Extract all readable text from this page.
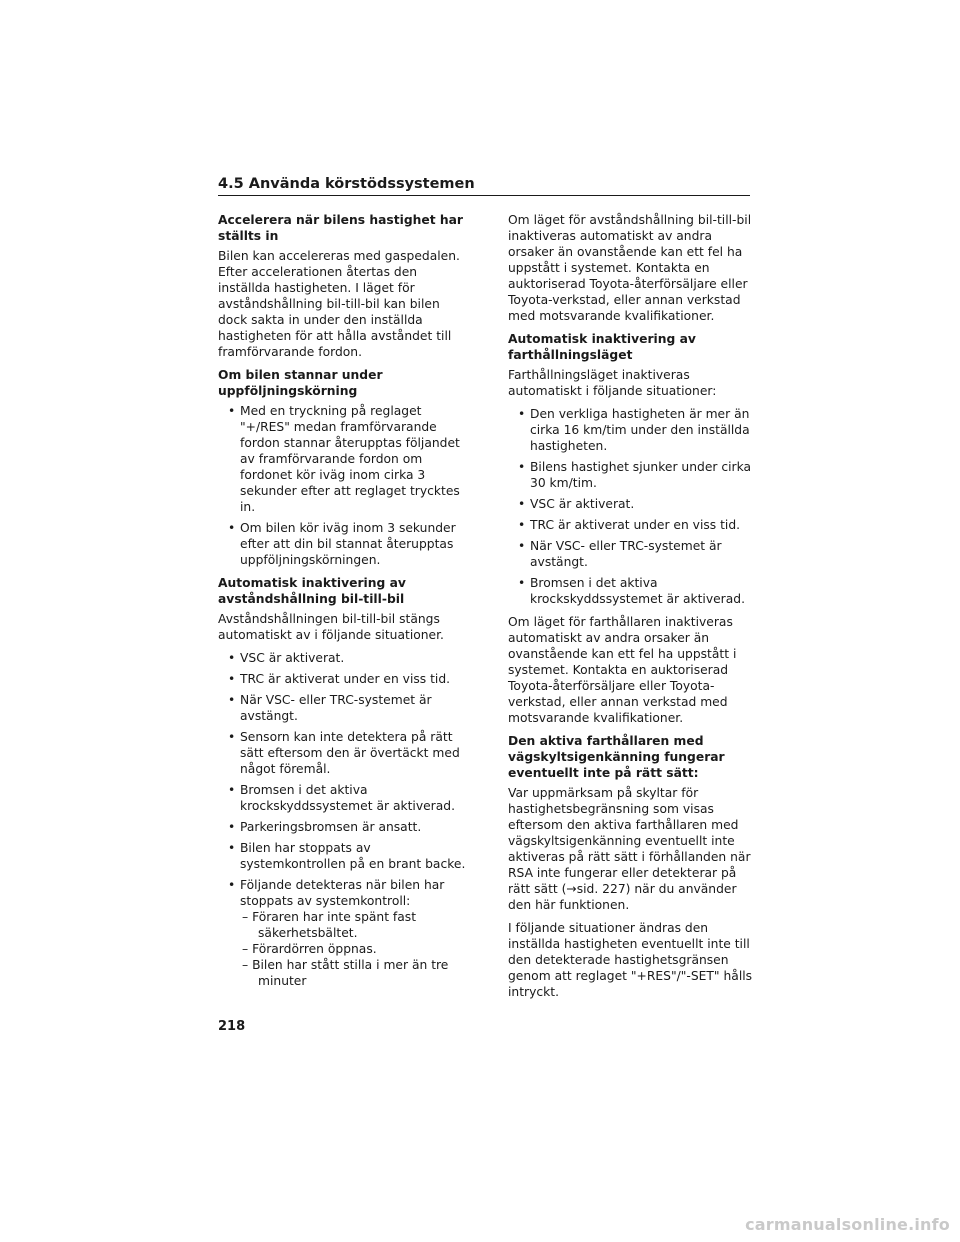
4.5 Använda körstödssystemen
Accelerera när bilens hastighet har ställts in
Bilen kan accelereras med gaspedalen. Efter accelerationen återtas den inställda hastigheten. I läget för avståndshållning bil-till-bil kan bilen dock sakta in under den inställda hastigheten för att hålla avståndet till framförvarande fordon.
Om bilen stannar under uppföljningskörning
• Med en tryckning på reglaget "+/RES" medan framförvarande fordon stannar återupptas följandet av framförvarande fordon om fordonet kör iväg inom cirka 3 sekunder efter att reglaget trycktes in.
• Om bilen kör iväg inom 3 sekunder efter att din bil stannat återupptas uppföljningskörningen.
Automatisk inaktivering av avståndshållning bil-till-bil
Avståndshållningen bil-till-bil stängs automatiskt av i följande situationer.
• VSC är aktiverat.
• TRC är aktiverat under en viss tid.
• När VSC- eller TRC-systemet är avstängt.
• Sensorn kan inte detektera på rätt sätt eftersom den är övertäckt med något föremål.
• Bromsen i det aktiva krockskyddssystemet är aktiverad.
• Parkeringsbromsen är ansatt.
• Bilen har stoppats av systemkontrollen på en brant backe.
• Följande detekteras när bilen har stoppats av systemkontroll:
– Föraren har inte spänt fast säkerhetsbältet.
– Förardörren öppnas.
– Bilen har stått stilla i mer än tre minuter
Om läget för avståndshållning bil-till-bil inaktiveras automatiskt av andra orsaker än ovanstående kan ett fel ha uppstått i systemet. Kontakta en auktoriserad Toyota-återförsäljare eller Toyota-verkstad, eller annan verkstad med motsvarande kvalifikationer.
Automatisk inaktivering av farthållningsläget
Farthållningsläget inaktiveras automatiskt i följande situationer:
• Den verkliga hastigheten är mer än cirka 16 km/tim under den inställda hastigheten.
• Bilens hastighet sjunker under cirka 30 km/tim.
• VSC är aktiverat.
• TRC är aktiverat under en viss tid.
• När VSC- eller TRC-systemet är avstängt.
• Bromsen i det aktiva krockskyddssystemet är aktiverad.
Om läget för farthållaren inaktiveras automatiskt av andra orsaker än ovanstående kan ett fel ha uppstått i systemet. Kontakta en auktoriserad Toyota-återförsäljare eller Toyota-verkstad, eller annan verkstad med motsvarande kvalifikationer.
Den aktiva farthållaren med vägskyltsigenkänning fungerar eventuellt inte på rätt sätt:
Var uppmärksam på skyltar för hastighetsbegränsning som visas eftersom den aktiva farthållaren med vägskyltsigenkänning eventuellt inte aktiveras på rätt sätt i förhållanden när RSA inte fungerar eller detekterar på rätt sätt (→sid. 227) när du använder den här funktionen.
I följande situationer ändras den inställda hastigheten eventuellt inte till den detekterade hastighetsgränsen genom att reglaget "+RES"/"-SET" hålls intryckt.
218
carmanualsonline.info
